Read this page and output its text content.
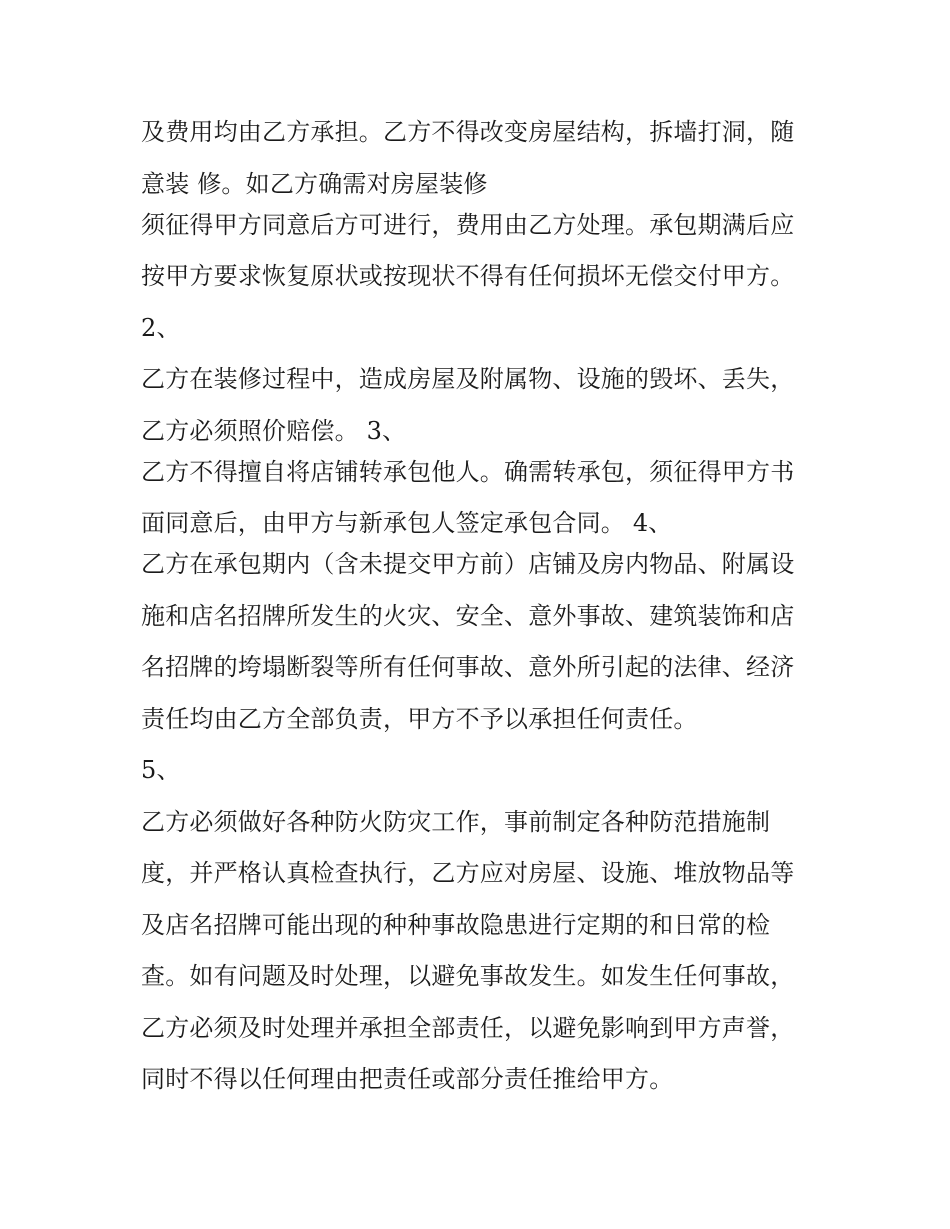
及费用均由乙方承担。乙方不得改变房屋结构，拆墙打洞，随
意装 修。如乙方确需对房屋装修
须征得甲方同意后方可进行，费用由乙方处理。承包期满后应
按甲方要求恢复原状或按现状不得有任何损坏无偿交付甲方。
2、
乙方在装修过程中，造成房屋及附属物、设施的毁坏、丢失，
乙方必须照价赔偿。 3、
乙方不得擅自将店铺转承包他人。确需转承包，须征得甲方书
面同意后，由甲方与新承包人签定承包合同。 4、
乙方在承包期内（含未提交甲方前）店铺及房内物品、附属设
施和店名招牌所发生的火灾、安全、意外事故、建筑装饰和店
名招牌的垮塌断裂等所有任何事故、意外所引起的法律、经济
责任均由乙方全部负责，甲方不予以承担任何责任。
5、
乙方必须做好各种防火防灾工作，事前制定各种防范措施制
度，并严格认真检查执行，乙方应对房屋、设施、堆放物品等
及店名招牌可能出现的种种事故隐患进行定期的和日常的检
查。如有问题及时处理，以避免事故发生。如发生任何事故，
乙方必须及时处理并承担全部责任，以避免影响到甲方声誉，
同时不得以任何理由把责任或部分责任推给甲方。
